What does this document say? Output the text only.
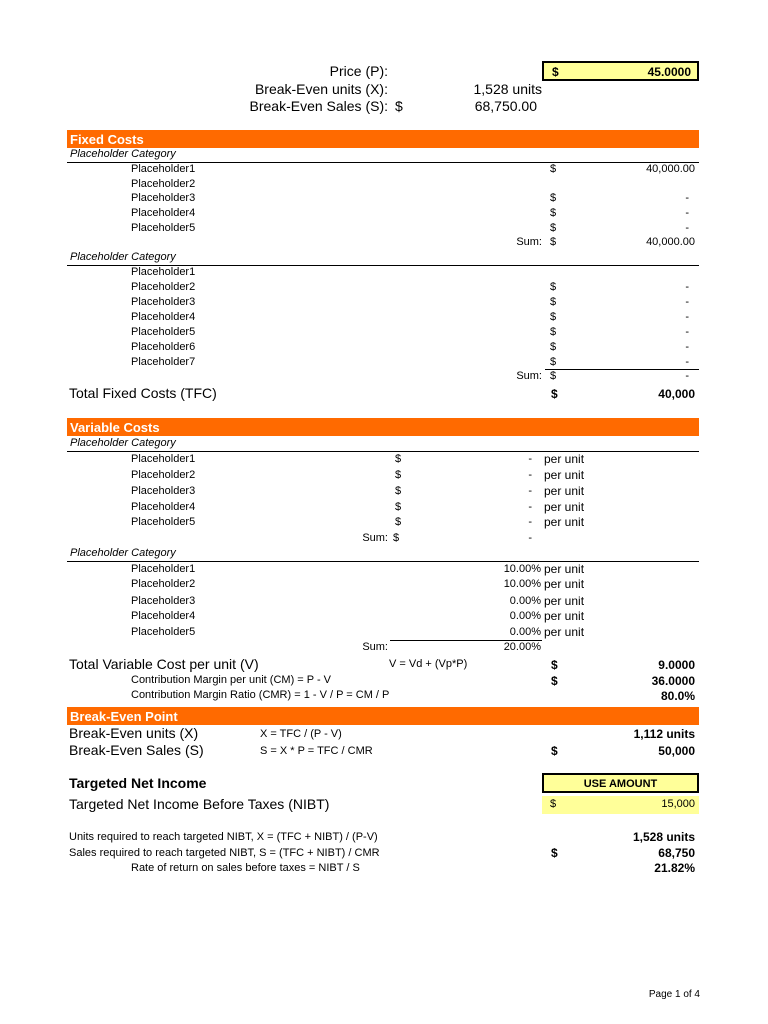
Price (P):	$	45.0000
Break-Even units (X):	1,528 units
Break-Even Sales (S): $	68,750.00
Fixed Costs
Placeholder Category
Placeholder1	$	40,000.00
Placeholder2
Placeholder3	$	-
Placeholder4	$	-
Placeholder5	$	-
Sum: $	40,000.00
Placeholder Category
Placeholder1
Placeholder2	$	-
Placeholder3	$	-
Placeholder4	$	-
Placeholder5	$	-
Placeholder6	$	-
Placeholder7	$	-
Sum: $	-
Total Fixed Costs (TFC)	$	40,000
Variable Costs
Placeholder Category
Placeholder1	$	- per unit
Placeholder2	$	- per unit
Placeholder3	$	- per unit
Placeholder4	$	- per unit
Placeholder5	$	- per unit
Sum: $	-
Placeholder Category
Placeholder1	10.00% per unit
Placeholder2	10.00% per unit
Placeholder3	0.00% per unit
Placeholder4	0.00% per unit
Placeholder5	0.00% per unit
Sum:	20.00%
Total Variable Cost per unit (V)	V = Vd + (Vp*P)	$	9.0000
Contribution Margin per unit (CM) = P - V	$	36.0000
Contribution Margin Ratio (CMR) = 1 - V / P = CM / P	80.0%
Break-Even Point
Break-Even units (X)	X = TFC / (P - V)	1,112 units
Break-Even Sales (S)	S = X * P = TFC / CMR	$	50,000
Targeted Net Income	USE AMOUNT
Targeted Net Income Before Taxes (NIBT)	$	15,000
Units required to reach targeted NIBT, X = (TFC + NIBT) / (P-V)	1,528 units
Sales required to reach targeted NIBT, S = (TFC + NIBT) / CMR	$	68,750
Rate of return on sales before taxes = NIBT / S	21.82%
Page 1 of 4
